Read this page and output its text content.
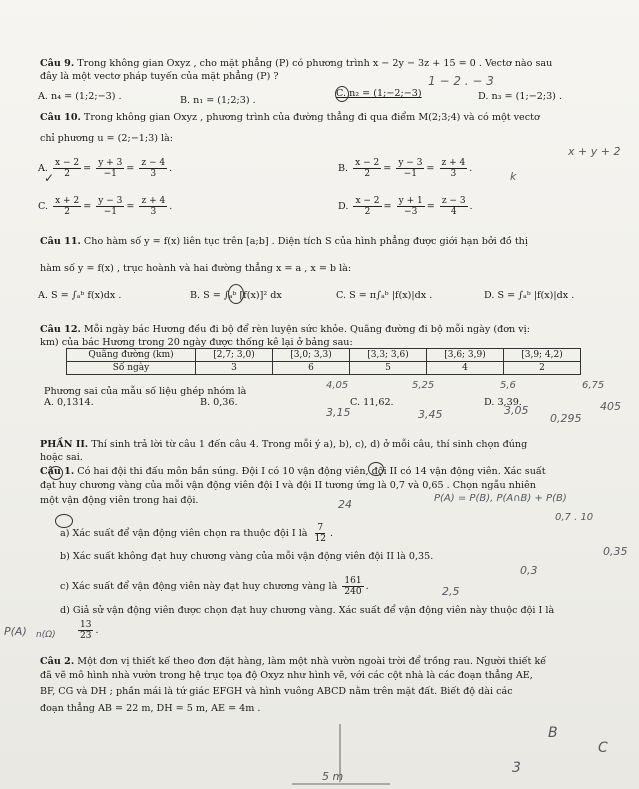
Câu 9. Trong không gian Oxyz , cho mặt phẳng (P) có phương trình x − 2y − 3z + 15 = 0 . Vectơ nào sau
đây là một vectơ pháp tuyến của mặt phẳng (P) ?
A. n₄ = (1;2;−3) .	B. n₁ = (1;2;3) .
C. n₂ = (1;−2;−3)	D. n₃ = (1;−2;3) .
Câu 10. Trong không gian Oxyz , phương trình của đường thẳng đi qua điểm M(2;3;4) và có một vectơ
chỉ phương u = (2;−1;3) là:
A. $\frac{x - 2}{2} = \frac{y + 3}{-1} = \frac{z - 4}{3}$ .	B. $\frac{x - 2}{2} = \frac{y - 3}{-1} = \frac{z + 4}{3}$ .
C. $\frac{x + 2}{2} = \frac{y - 3}{-1} = \frac{z + 4}{3}$ .	D. $\frac{x - 2}{2} = \frac{y + 1}{-3} = \frac{z - 3}{4}$ .
Câu 11. Cho hàm số y = f(x) liên tục trên [a;b] . Diện tích S của hình phẳng được giới hạn bởi đồ thị
hàm số y = f(x) , trục hoành và hai đường thẳng x = a , x = b là:
A. S = ∫ₐᵇ f(x)dx .	B. S = ∫ₐᵇ [f(x)]² dx	C. S = π∫ₐᵇ |f(x)|dx .	D. S = ∫ₐᵇ |f(x)|dx .
Câu 12. Mỗi ngày bác Hương đều đi bộ để rèn luyện sức khỏe. Quãng đường đi bộ mỗi ngày (đơn vị:
km) của bác Hương trong 20 ngày được thống kê lại ở bảng sau:
Quãng đường (km)	[2,7; 3,0)	[3,0; 3,3)	[3,3; 3,6)	[3,6; 3,9)	[3,9; 4,2)
Số ngày	3	6	5	4	2
Phương sai của mẫu số liệu ghép nhóm là
A. 0,1314.	B. 0,36.	C. 11,62.	D. 3,39.
PHẦN II. Thí sinh trả lời từ câu 1 đến câu 4. Trong mỗi ý a), b), c), d) ở mỗi câu, thí sinh chọn đúng
hoặc sai.
Câu 1. Có hai đội thi đấu môn bắn súng. Đội I có 10 vận động viên, đội II có 14 vận động viên. Xác suất
đạt huy chương vàng của mỗi vận động viên đội I và đội II tương ứng là 0,7 và 0,65 . Chọn ngẫu nhiên
một vận động viên trong hai đội.
a) Xác suất để vận động viên chọn ra thuộc đội I là $\frac{7}{12}$ .
b) Xác suất không đạt huy chương vàng của mỗi vận động viên đội II là 0,35.
c) Xác suất để vận động viên này đạt huy chương vàng là $\frac{161}{240}$ .
d) Giả sử vận động viên được chọn đạt huy chương vàng. Xác suất để vận động viên này thuộc đội I là
$\frac{13}{23}$ .
Câu 2. Một đơn vị thiết kế theo đơn đặt hàng, làm một nhà vườn ngoài trời để trồng rau. Người thiết kế
đã vẽ mô hình nhà vườn trong hệ trục tọa độ Oxyz như hình vẽ, với các cột nhà là các đoạn thẳng AE,
BF, CG và DH ; phần mái là tứ giác EFGH và hình vuông ABCD nằm trên mặt đất. Biết độ dài các
đoạn thẳng AB = 22 m, DH = 5 m, AE = 4m .
✓
1 − 2 . − 3
x + y + 2
k
4,05	5,25	5,6	6,75
3,15	3,45	3,05
0,295
405
P(A) = P(B), P(A∩B) + P(B)
24
0,7 . 10
0,35
0,3
2,5
P(A) n(Ω)
5 m
B
C
3
